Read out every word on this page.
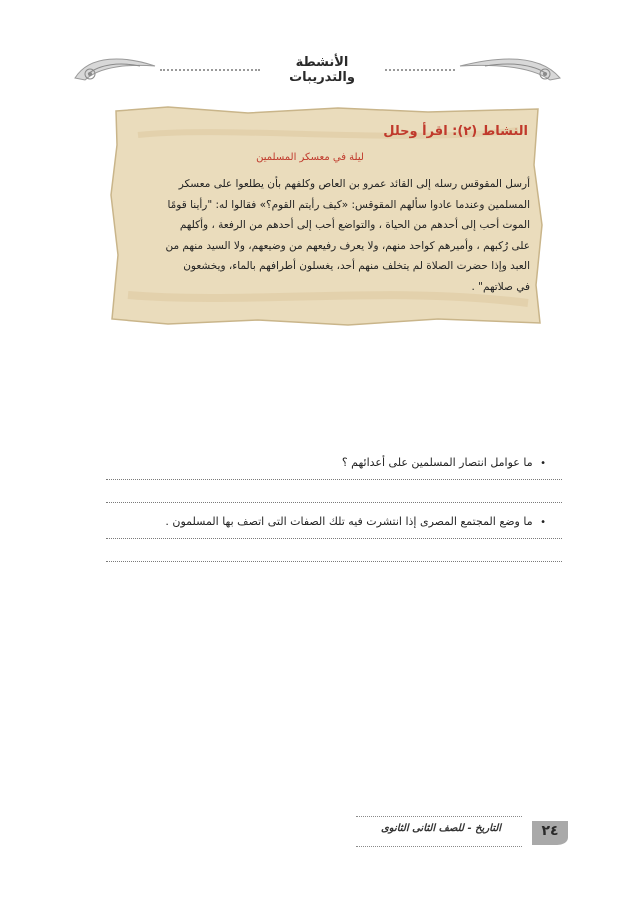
الأنشطة والتدريبات
النشاط (٢): اقرأ وحلل
ليلة في معسكر المسلمين

أرسل المقوقس رسله إلى القائد عمرو بن العاص وكلفهم بأن يطلعوا على معسكر

المسلمين وعندما عادوا سألهم المقوقس: «كيف رأيتم القوم؟» فقالوا له: "رأينا قومًا

الموت أحب إلى أحدهم من الحياة ، والتواضع أحب إلى أحدهم من الرفعة ، وأكلهم

على رُكبهم ، وأميرهم كواحد منهم، ولا يعرف رفيعهم من وضيعهم، ولا السيد منهم من

العبد وإذا حضرت الصلاة لم يتخلف منهم أحد، يغسلون أطرافهم بالماء، ويخشعون

في صلاتهم" .

• ما عوامل انتصار المسلمين على أعدائهم ؟
• ما وضع المجتمع المصرى إذا انتشرت فيه تلك الصفات التى اتصف بها المسلمون .
التاريخ - للصف الثانى الثانوى	٢٤
